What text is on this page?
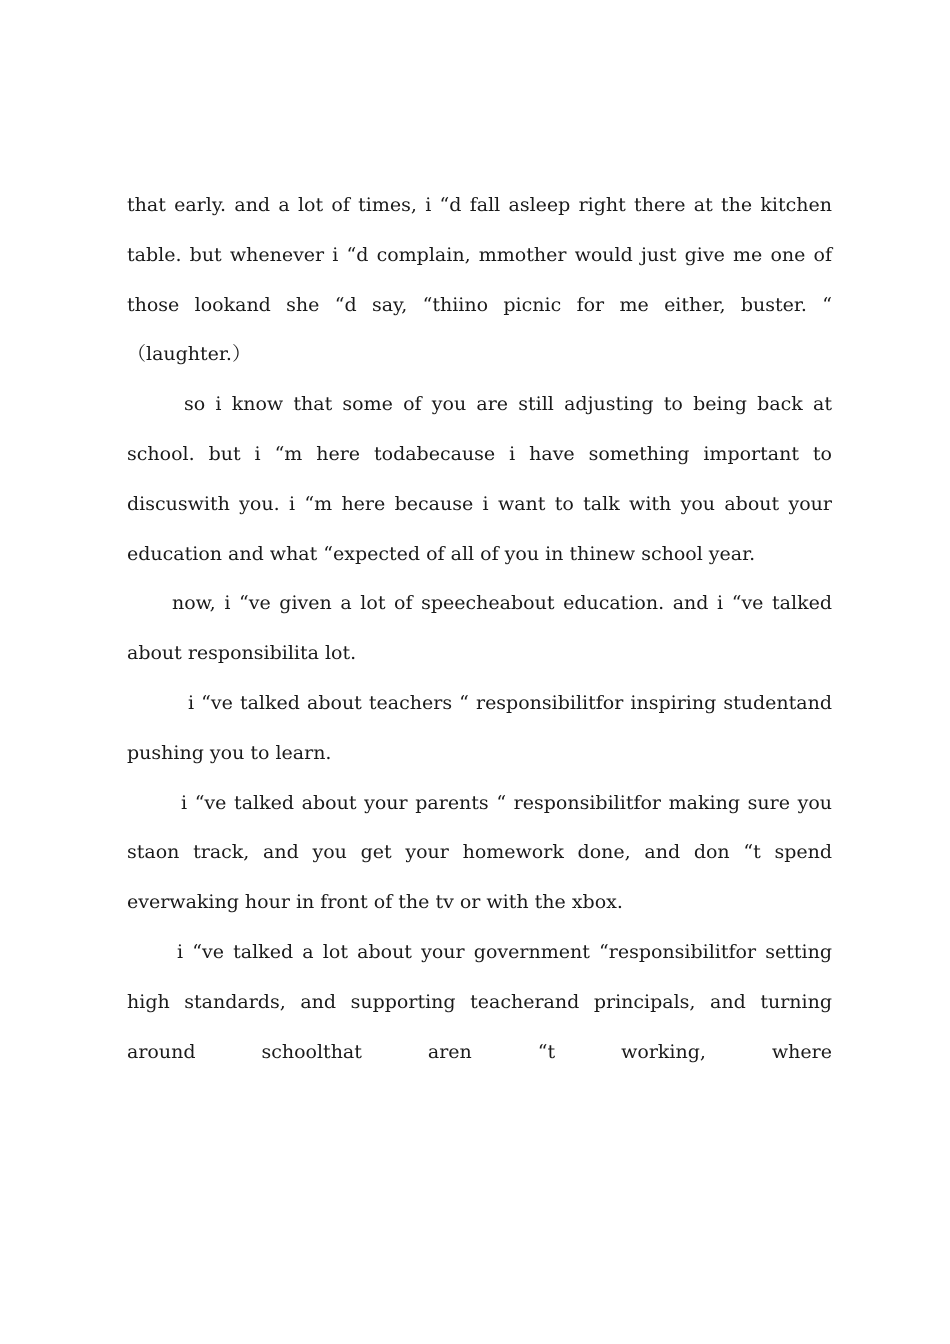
that early. and a lot of times, i “d fall asleep right there at the kitchen table. but whenever i “d complain, mmother would just give me one of those lookand she “d say, “thiino picnic for me either, buster. “ （laughter.）

so i know that some of you are still adjusting to being back at school. but i “m here todabecause i have something important to discuswith you. i “m here because i want to talk with you about your education and what “expected of all of you in thinew school year.

now, i “ve given a lot of speecheabout education. and i “ve talked about responsibilita lot.

i “ve talked about teachers “ responsibilitfor inspiring studentand pushing you to learn.

i “ve talked about your parents “ responsibilitfor making sure you staon track, and you get your homework done, and don “t spend everwaking hour in front of the tv or with the xbox.

i “ve talked a lot about your government “responsibilitfor setting high standards, and supporting teacherand principals, and turning around schoolthat aren “t working, where
